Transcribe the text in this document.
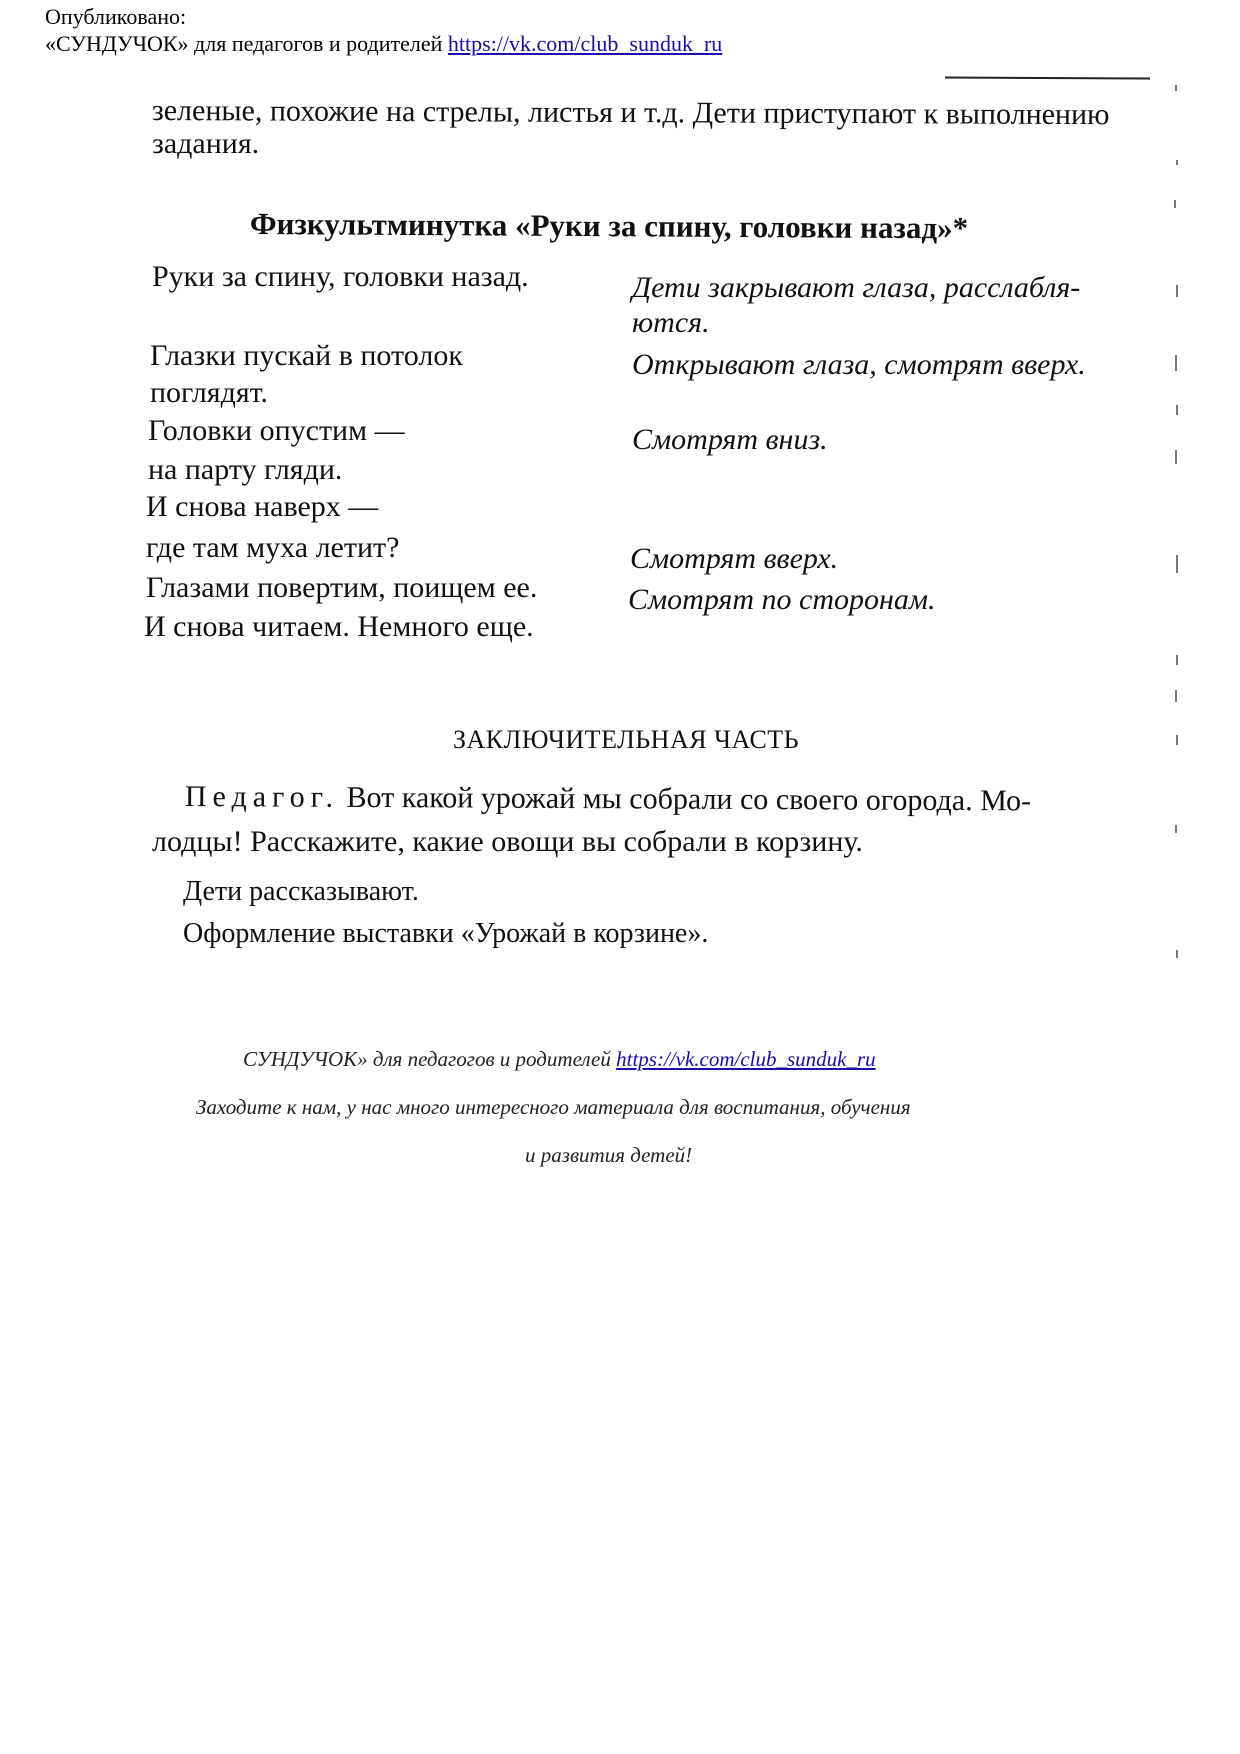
Опубликовано:
«СУНДУЧОК» для педагогов и родителей https://vk.com/club_sunduk_ru
зеленые, похожие на стрелы, листья и т.д. Дети приступают к выполнению
задания.
Физкультминутка «Руки за спину, головки назад»*
Руки за спину, головки назад.
Глазки пускай в потолок
поглядят.
Головки опустим —
на парту гляди.
И снова наверх —
где там муха летит?
Глазами повертим, поищем ее.
И снова читаем. Немного еще.
Дети закрывают глаза, расслабля-
ются.
Открывают глаза, смотрят вверх.
Смотрят вниз.
Смотрят вверх.
Смотрят по сторонам.
ЗАКЛЮЧИТЕЛЬНАЯ ЧАСТЬ
Педагог. Вот какой урожай мы собрали со своего огорода. Мо-
лодцы! Расскажите, какие овощи вы собрали в корзину.
Дети рассказывают.
Оформление выставки «Урожай в корзине».
СУНДУЧОК» для педагогов и родителей https://vk.com/club_sunduk_ru
Заходите к нам, у нас много интересного материала для воспитания, обучения
и развития детей!
